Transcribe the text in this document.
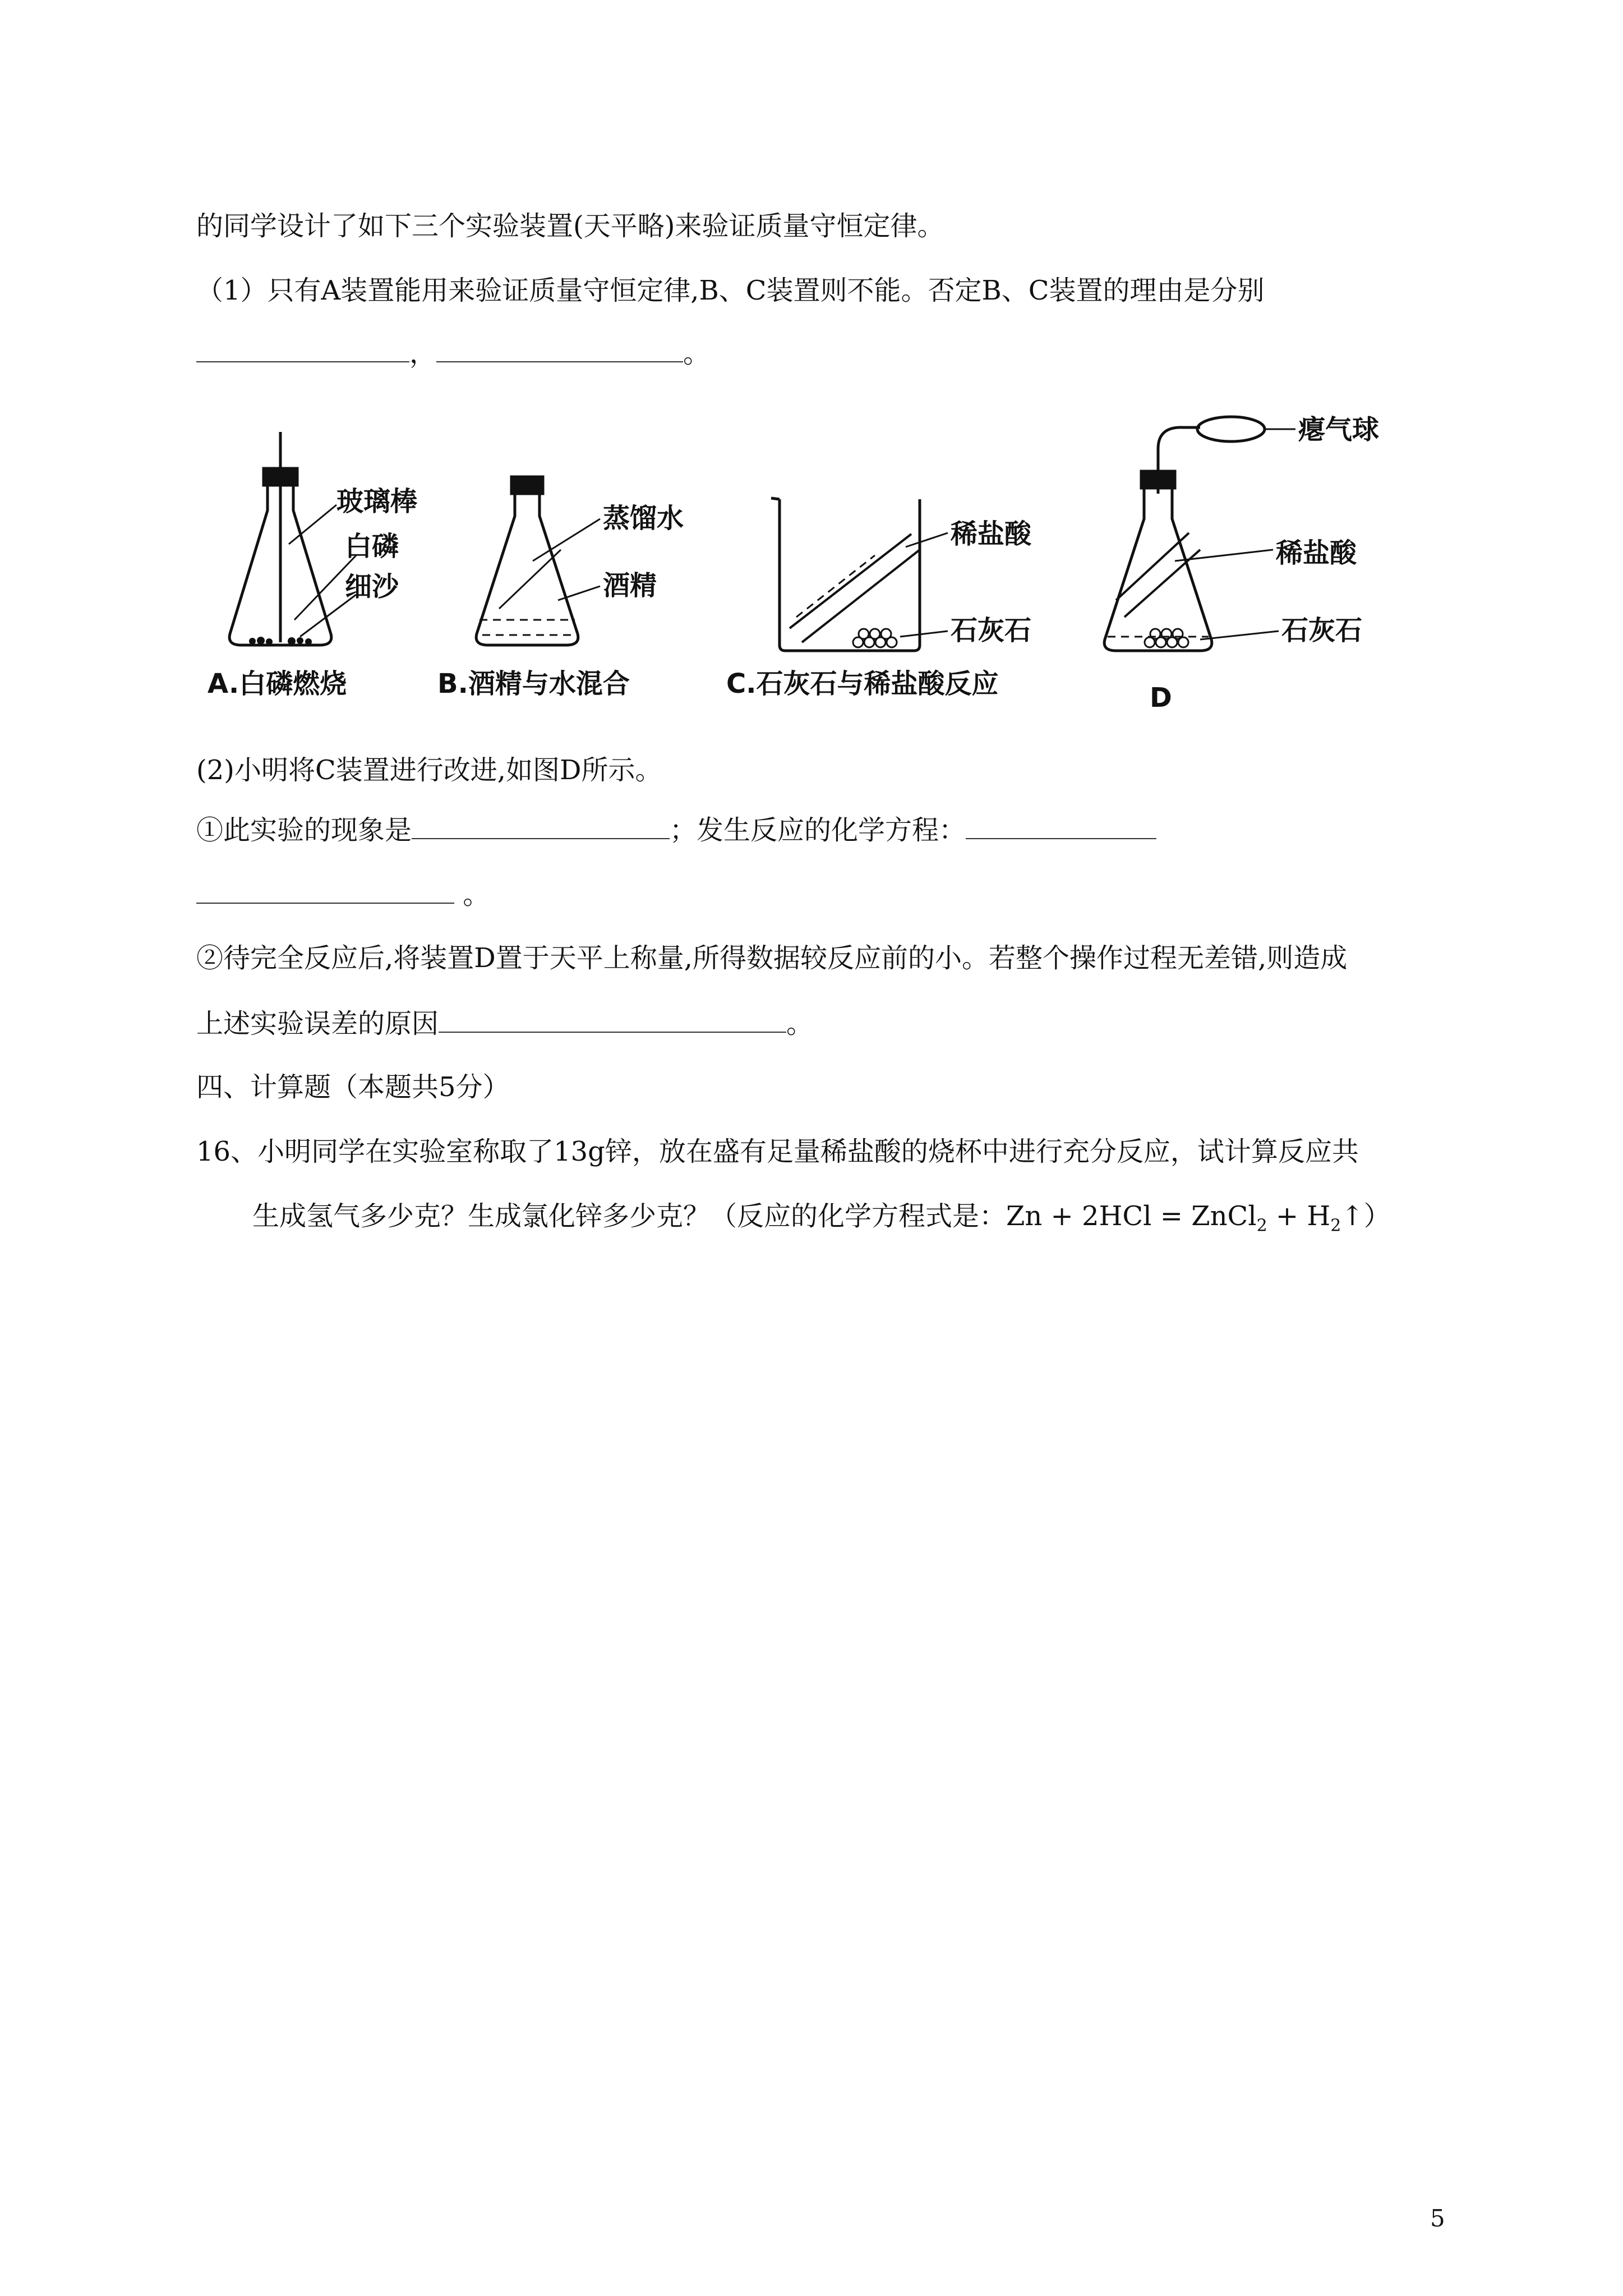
的同学设计了如下三个实验装置(天平略)来验证质量守恒定律。
（1）只有A装置能用来验证质量守恒定律,B、C装置则不能。否定B、C装置的理由是分别
，	。
玻璃棒
白磷
细沙
A.白磷燃烧
蒸馏水
酒精
B.酒精与水混合
稀盐酸
石灰石
C.石灰石与稀盐酸反应
瘪气球
稀盐酸
石灰石
D
(2)小明将C装置进行改进,如图D所示。
①此实验的现象是	；发生反应的化学方程：
。
②待完全反应后,将装置D置于天平上称量,所得数据较反应前的小。若整个操作过程无差错,则造成
上述实验误差的原因	。
四、计算题（本题共5分）
16、小明同学在实验室称取了13g锌，放在盛有足量稀盐酸的烧杯中进行充分反应，试计算反应共
生成氢气多少克？生成氯化锌多少克？（反应的化学方程式是：Zn + 2HCl = ZnCl$_2$ + $H_2↑$）
5
